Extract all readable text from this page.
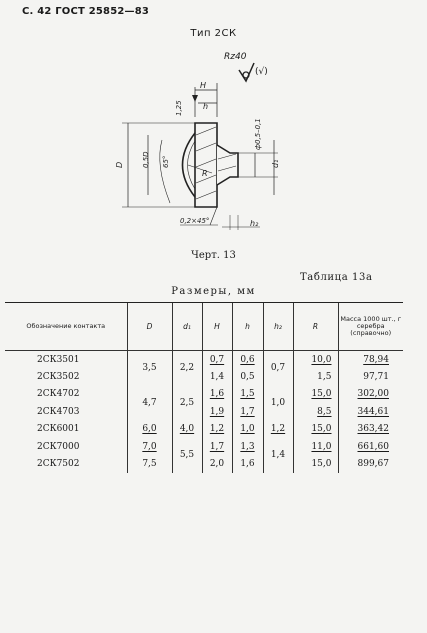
С. 42 ГОСТ 25852—83
Тип 2СК
Rz40
(√)
H
h
1,25
R
D	0,5D 65°
ф0,5–0,1
d₁
0,2×45°	h₂
Черт. 13
Таблица 13а
Размеры, мм
Обозначение контакта	D	d₁	H	h	h₂	R	Масса 1000 шт., г серебра (справочно)
2СК3501	3,5	2,2	0,7	0,6	0,7	10,0	78,94
2СК3502			1,4	0,5		1,5	97,71
2СК4702	4,7	2,5	1,6	1,5	1,0	15,0	302,00
2СК4703			1,9	1,7		8,5	344,61
2СК6001	6,0	4,0	1,2	1,0	1,2	15,0	363,42
2СК7000	7,0	5,5	1,7	1,3	1,4	11,0	661,60
2СК7502	7,5		2,0	1,6		15,0	899,67
